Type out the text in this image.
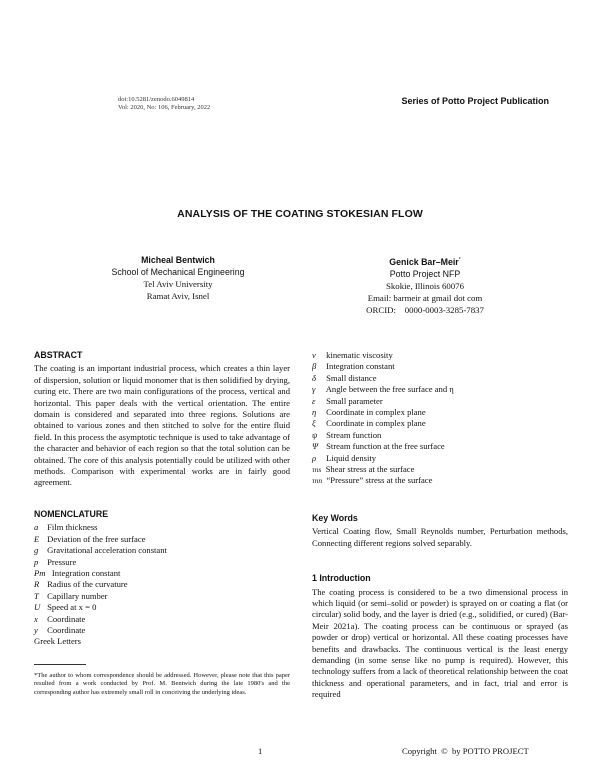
doi:10.5281/zenodo.6049814
Vol: 2020, No: 106, February, 2022
Series of Potto Project Publication
ANALYSIS OF THE COATING STOKESIAN FLOW
Micheal Bentwich
School of Mechanical Engineering
Tel Aviv University
Ramat Aviv, Isnel
Genick Bar–Meir*
Potto Project NFP
Skokie, Illinois 60076
Email: barmeir at gmail dot com
ORCID:    0000-0003-3285-7837
ABSTRACT
The coating is an important industrial process, which creates a thin layer of dispersion, solution or liquid monomer that is then solidified by drying, curing etc. There are two main configurations of the process, vertical and horizontal. This paper deals with the vertical orientation. The entire domain is considered and separated into three regions. Solutions are obtained to various zones and then stitched to solve for the entire fluid field. In this process the asymptotic technique is used to take advantage of the character and behavior of each region so that the total solution can be obtained. The core of this analysis potentially could be utilized with other methods. Comparison with experimental works are in fairly good agreement.
NOMENCLATURE
a Film thickness
E Deviation of the free surface
g Gravitational acceleration constant
p Pressure
Pm Integration constant
R Radius of the curvature
T Capillary number
U Speed at x = 0
x Coordinate
y Coordinate
Greek Letters
*The author to whom correspondence should be addressed. However, please note that this paper resulted from a work conducted by Prof. M. Bentwich during the late 1980's and the corresponding author has extremely small roll in conceiving the underlying ideas.
ν kinematic viscosity
β Integration constant
δ Small distance
γ Angle between the free surface and η
ε Small parameter
η Coordinate in complex plane
ξ Coordinate in complex plane
ψ Stream function
Ψ Stream function at the free surface
ρ Liquid density
τns Shear stress at the surface
τnn “Pressure” stress at the surface
Key Words
Vertical Coating flow, Small Reynolds number, Perturbation methods, Connecting different regions solved separably.
1 Introduction
The coating process is considered to be a two dimensional process in which liquid (or semi–solid or powder) is sprayed on or coating a flat (or circular) solid body, and the layer is dried (e.g., solidified, or cured) (Bar-Meir 2021a). The coating process can be continuous or sprayed (as powder or drop) vertical or horizontal. All these coating processes have benefits and drawbacks. The continuous vertical is the least energy demanding (in some sense like no pump is required). However, this technology suffers from a lack of theoretical relationship between the coat thickness and operational parameters, and in fact, trial and error is required
1	Copyright  ©  by POTTO PROJECT
